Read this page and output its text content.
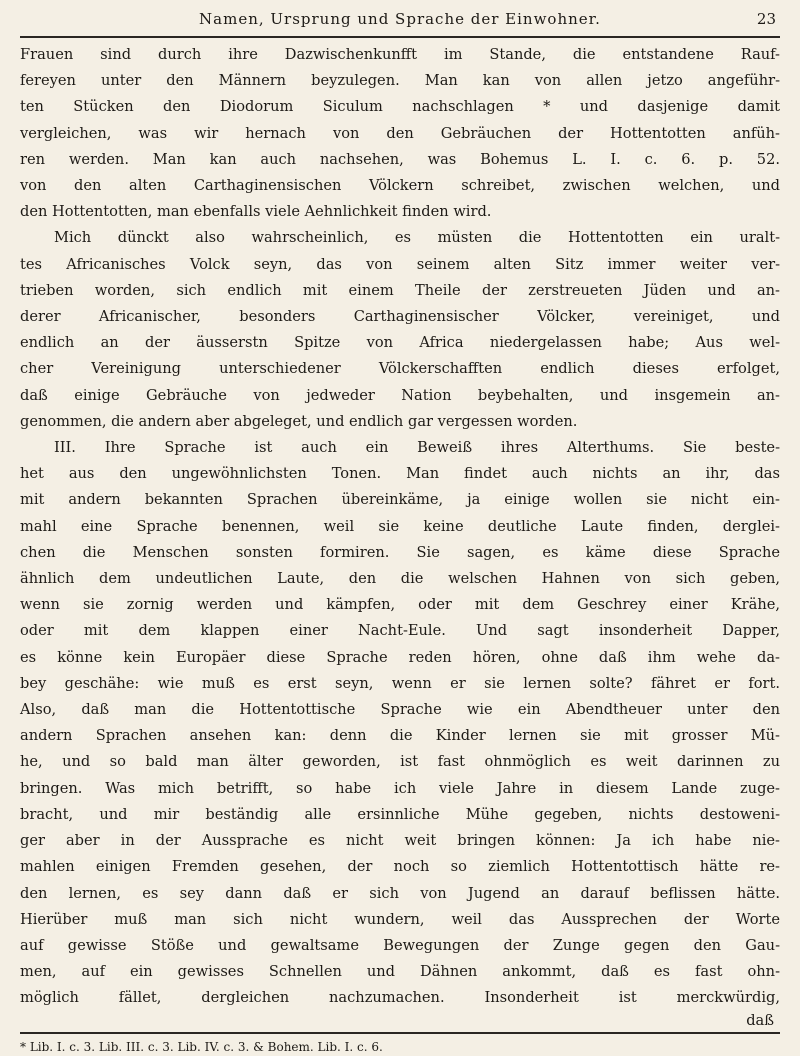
Namen, Ursprung und Sprache der Einwohner.	23
Frauen sind durch ihre Dazwischenkunfft im Stande, die entstandene Rauf-
fereyen unter den Männern beyzulegen. Man kan von allen jetzo angeführ-
ten Stücken den Diodorum Siculum nachschlagen * und dasjenige damit
vergleichen, was wir hernach von den Gebräuchen der Hottentotten anfüh-
ren werden. Man kan auch nachsehen, was Bohemus L. I. c. 6. p. 52.
von den alten Carthaginensischen Völckern schreibet, zwischen welchen, und
den Hottentotten, man ebenfalls viele Aehnlichkeit finden wird.
Mich dünckt also wahrscheinlich, es müsten die Hottentotten ein uralt-
tes Africanisches Volck seyn, das von seinem alten Sitz immer weiter ver-
trieben worden, sich endlich mit einem Theile der zerstreueten Jüden und an-
derer Africanischer, besonders Carthaginensischer Völcker, vereiniget, und
endlich an der äusserstn Spitze von Africa niedergelassen habe; Aus wel-
cher Vereinigung unterschiedener Völckerschafften endlich dieses erfolget,
daß einige Gebräuche von jedweder Nation beybehalten, und insgemein an-
genommen, die andern aber abgeleget, und endlich gar vergessen worden.
III. Ihre Sprache ist auch ein Beweiß ihres Alterthums. Sie beste-
het aus den ungewöhnlichsten Tonen. Man findet auch nichts an ihr, das
mit andern bekannten Sprachen übereinkäme, ja einige wollen sie nicht ein-
mahl eine Sprache benennen, weil sie keine deutliche Laute finden, derglei-
chen die Menschen sonsten formiren. Sie sagen, es käme diese Sprache
ähnlich dem undeutlichen Laute, den die welschen Hahnen von sich geben,
wenn sie zornig werden und kämpfen, oder mit dem Geschrey einer Krähe,
oder mit dem klappen einer Nacht-Eule. Und sagt insonderheit Dapper,
es könne kein Europäer diese Sprache reden hören, ohne daß ihm wehe da-
bey geschähe: wie muß es erst seyn, wenn er sie lernen solte? fähret er fort.
Also, daß man die Hottentottische Sprache wie ein Abendtheuer unter den
andern Sprachen ansehen kan: denn die Kinder lernen sie mit grosser Mü-
he, und so bald man älter geworden, ist fast ohnmöglich es weit darinnen zu
bringen. Was mich betrifft, so habe ich viele Jahre in diesem Lande zuge-
bracht, und mir beständig alle ersinnliche Mühe gegeben, nichts destoweni-
ger aber in der Aussprache es nicht weit bringen können: Ja ich habe nie-
mahlen einigen Fremden gesehen, der noch so ziemlich Hottentottisch hätte re-
den lernen, es sey dann daß er sich von Jugend an darauf beflissen hätte.
Hierüber muß man sich nicht wundern, weil das Aussprechen der Worte
auf gewisse Stöße und gewaltsame Bewegungen der Zunge gegen den Gau-
men, auf ein gewisses Schnellen und Dähnen ankommt, daß es fast ohn-
möglich fället, dergleichen nachzumachen. Insonderheit ist merckwürdig,
daß
* Lib. I. c. 3. Lib. III. c. 3. Lib. IV. c. 3. & Bohem. Lib. I. c. 6.
